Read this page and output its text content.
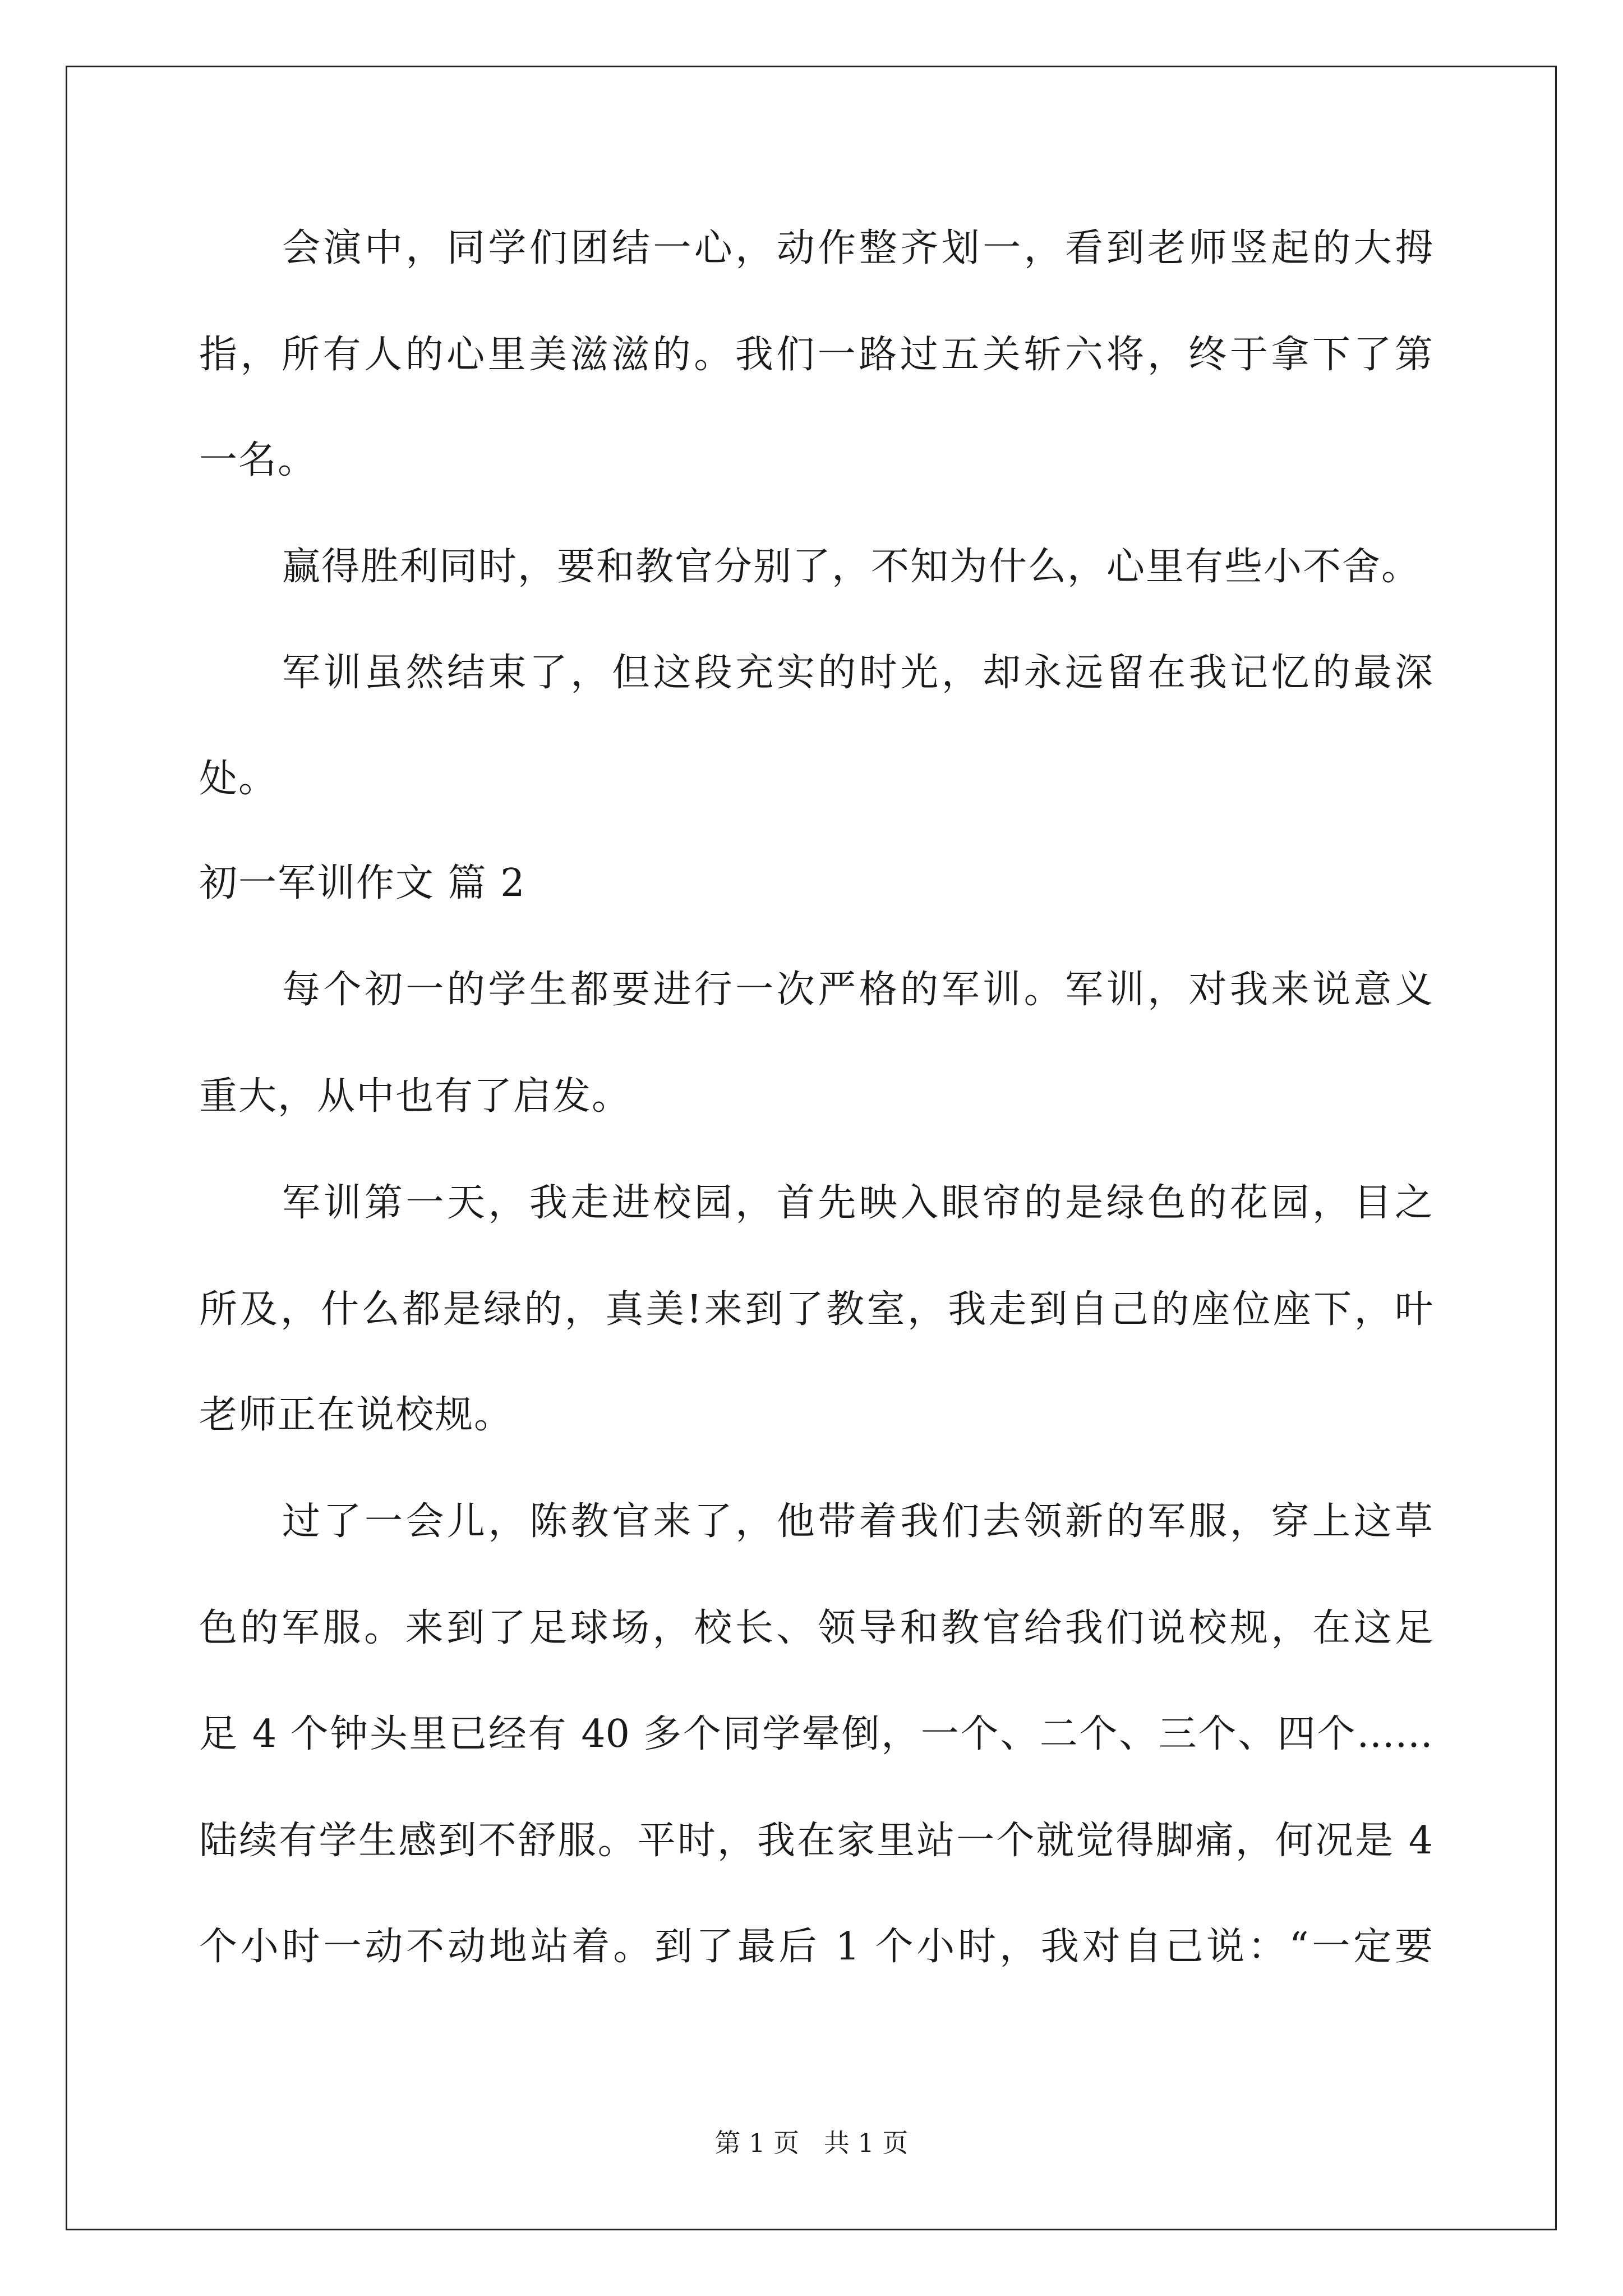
会演中，同学们团结一心，动作整齐划一，看到老师竖起的大拇

指，所有人的心里美滋滋的。我们一路过五关斩六将，终于拿下了第

一名。

赢得胜利同时，要和教官分别了，不知为什么，心里有些小不舍。

军训虽然结束了，但这段充实的时光，却永远留在我记忆的最深

处。

初一军训作文 篇 2

每个初一的学生都要进行一次严格的军训。军训，对我来说意义

重大，从中也有了启发。

军训第一天，我走进校园，首先映入眼帘的是绿色的花园，目之

所及，什么都是绿的，真美!来到了教室，我走到自己的座位座下，叶

老师正在说校规。

过了一会儿，陈教官来了，他带着我们去领新的军服，穿上这草

色的军服。来到了足球场，校长、领导和教官给我们说校规，在这足

足 4 个钟头里已经有 40 多个同学晕倒，一个、二个、三个、四个……

陆续有学生感到不舒服。平时，我在家里站一个就觉得脚痛，何况是 4

个小时一动不动地站着。到了最后 1 个小时，我对自己说：“一定要

第 1 页   共 1 页
